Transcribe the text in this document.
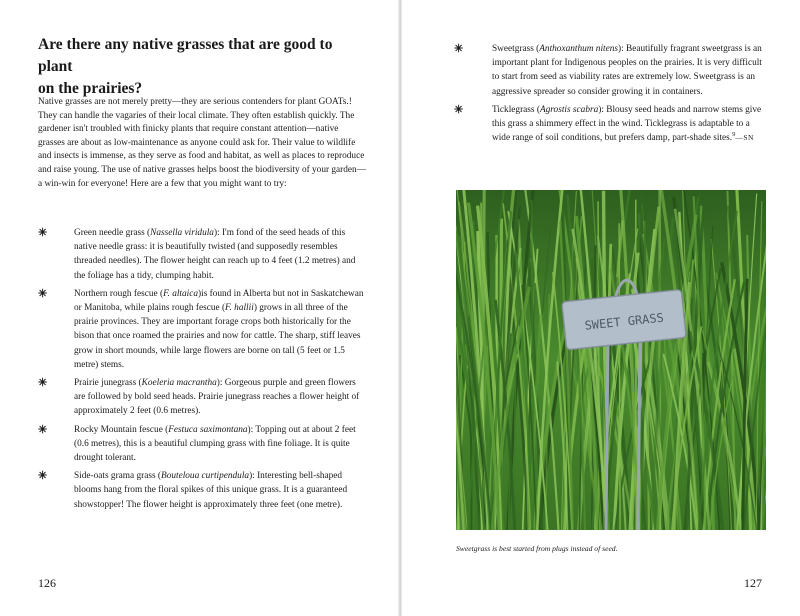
Are there any native grasses that are good to plant
on the prairies?

Native grasses are not merely pretty—they are serious contenders for plant GOATs.! They can handle the vagaries of their local climate. They often establish quickly. The gardener isn't troubled with finicky plants that require constant attention—native grasses are about as low-maintenance as anyone could ask for. Their value to wildlife and insects is immense, as they serve as food and habitat, as well as places to reproduce and raise young. The use of native grasses helps boost the biodiversity of your garden—a win-win for everyone! Here are a few that you might want to try:

✳	Green needle grass (Nassella viridula): I'm fond of the seed heads of this native needle grass: it is beautifully twisted (and supposedly resembles threaded needles). The flower height can reach up to 4 feet (1.2 metres) and the foliage has a tidy, clumping habit.
✳	Northern rough fescue (F. altaica)is found in Alberta but not in Saskatchewan or Manitoba, while plains rough fescue (F. hallii) grows in all three of the prairie provinces. They are important forage crops both historically for the bison that once roamed the prairies and now for cattle. The sharp, stiff leaves grow in short mounds, while large flowers are borne on tall (5 feet or 1.5 metre) stems.
✳	Prairie junegrass (Koeleria macrantha): Gorgeous purple and green flowers are followed by bold seed heads. Prairie junegrass reaches a flower height of approximately 2 feet (0.6 metres).
✳	Rocky Mountain fescue (Festuca saximontana): Topping out at about 2 feet (0.6 metres), this is a beautiful clumping grass with fine foliage. It is quite drought tolerant.
✳	Side-oats grama grass (Bouteloua curtipendula): Interesting bell-shaped blooms hang from the floral spikes of this unique grass. It is a guaranteed showstopper! The flower height is approximately three feet (one metre).

126

✳	Sweetgrass (Anthoxanthum nitens): Beautifully fragrant sweetgrass is an important plant for Indigenous peoples on the prairies. It is very difficult to start from seed as viability rates are extremely low. Sweetgrass is an aggressive spreader so consider growing it in containers.
✳	Ticklegrass (Agrostis scabra): Blousy seed heads and narrow stems give this grass a shimmery effect in the wind. Ticklegrass is adaptable to a wide range of soil conditions, but prefers damp, part-shade sites.$^9$—SN
SWEET GRASS

Sweetgrass is best started from plugs instead of seed.

127
